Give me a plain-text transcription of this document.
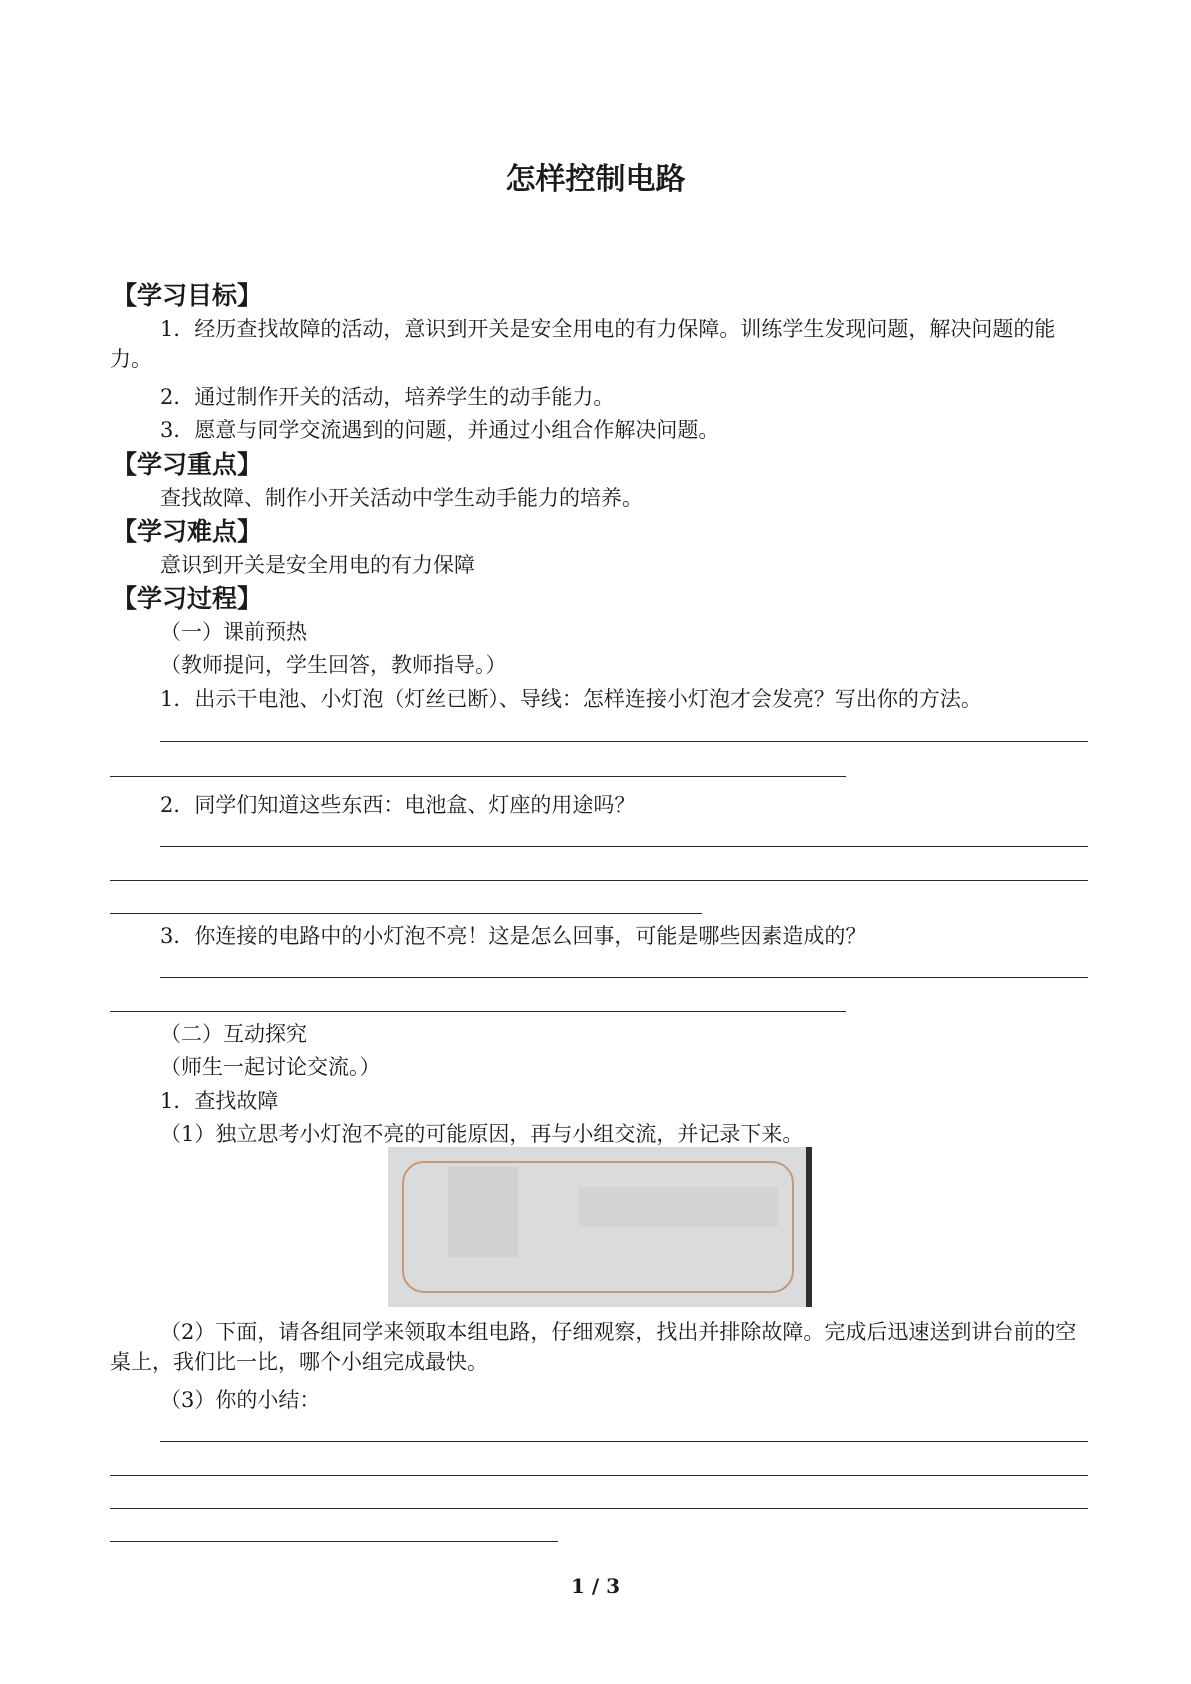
怎样控制电路
【学习目标】
1．经历查找故障的活动，意识到开关是安全用电的有力保障。训练学生发现问题，解决问题的能力。
2．通过制作开关的活动，培养学生的动手能力。
3．愿意与同学交流遇到的问题，并通过小组合作解决问题。
【学习重点】
查找故障、制作小开关活动中学生动手能力的培养。
【学习难点】
意识到开关是安全用电的有力保障
【学习过程】
（一）课前预热
（教师提问，学生回答，教师指导。）
1．出示干电池、小灯泡（灯丝已断）、导线：怎样连接小灯泡才会发亮？写出你的方法。
2．同学们知道这些东西：电池盒、灯座的用途吗？
3．你连接的电路中的小灯泡不亮！这是怎么回事，可能是哪些因素造成的？
（二）互动探究
（师生一起讨论交流。）
1．查找故障
（1）独立思考小灯泡不亮的可能原因，再与小组交流，并记录下来。
（2）下面，请各组同学来领取本组电路，仔细观察，找出并排除故障。完成后迅速送到讲台前的空桌上，我们比一比，哪个小组完成最快。
（3）你的小结：
1 / 3
